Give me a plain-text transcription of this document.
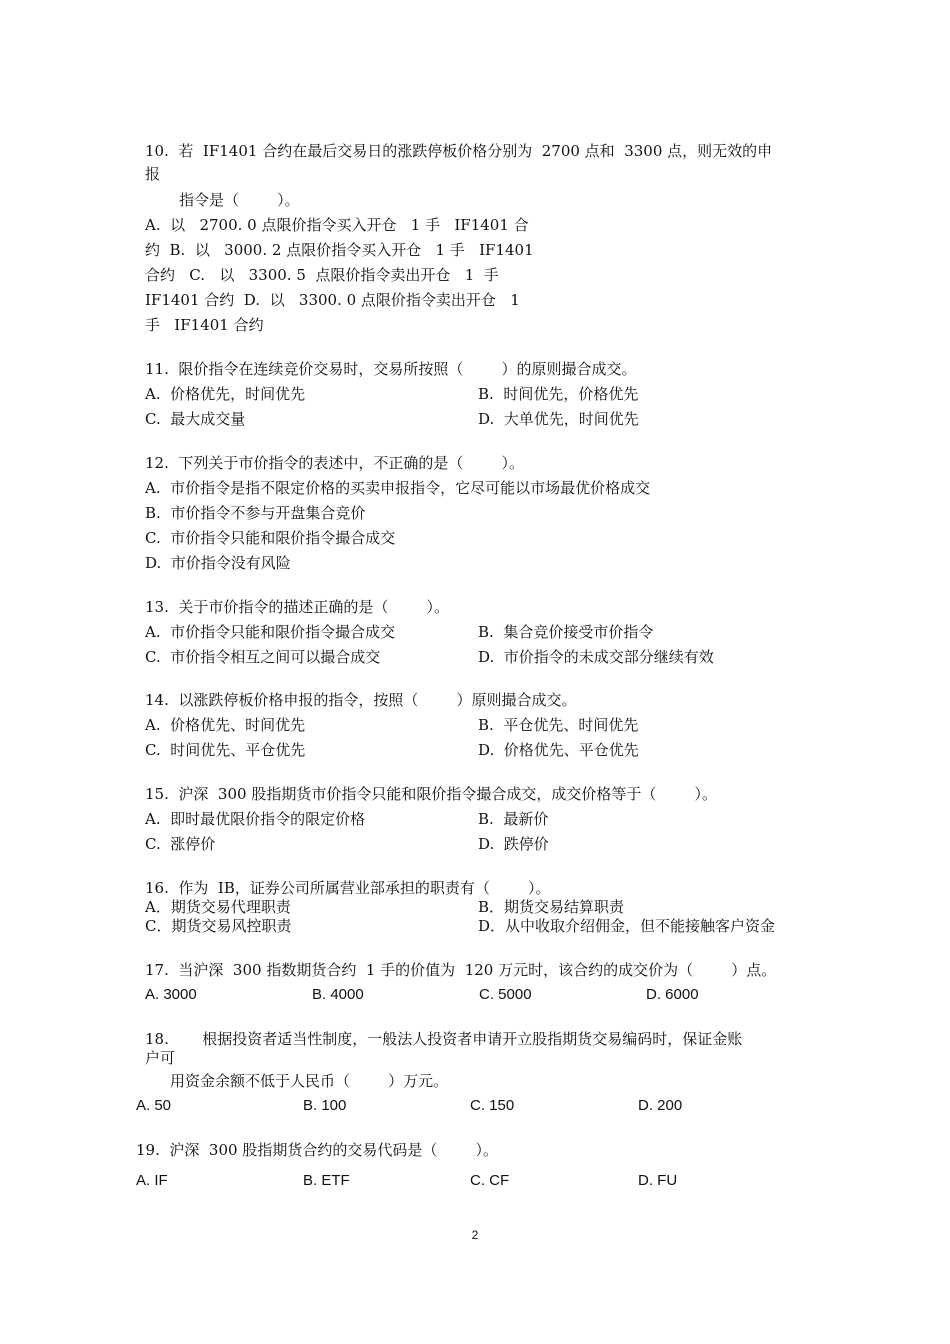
10.  若  IF1401 合约在最后交易日的涨跌停板价格分别为  2700 点和  3300 点，则无效的申
报
指令是（        ）。
A.  以   2700. 0 点限价指令买入开仓   1 手   IF1401 合
约  B.  以   3000. 2 点限价指令买入开仓   1 手   IF1401
合约   C.   以   3300. 5  点限价指令卖出开仓   1  手
IF1401 合约  D.  以   3300. 0 点限价指令卖出开仓   1
手   IF1401 合约
11.  限价指令在连续竞价交易时，交易所按照（        ）的原则撮合成交。
A.  价格优先，时间优先	B.  时间优先，价格优先
C.  最大成交量	D.  大单优先，时间优先
12.  下列关于市价指令的表述中，不正确的是（        ）。
A.  市价指令是指不限定价格的买卖申报指令，它尽可能以市场最优价格成交
B.  市价指令不参与开盘集合竞价
C.  市价指令只能和限价指令撮合成交
D.  市价指令没有风险
13.  关于市价指令的描述正确的是（        ）。
A.  市价指令只能和限价指令撮合成交	B.  集合竞价接受市价指令
C.  市价指令相互之间可以撮合成交	D.  市价指令的未成交部分继续有效
14.  以涨跌停板价格申报的指令，按照（        ）原则撮合成交。
A.  价格优先、时间优先	B.  平仓优先、时间优先
C.  时间优先、平仓优先	D.  价格优先、平仓优先
15.  沪深  300 股指期货市价指令只能和限价指令撮合成交，成交价格等于（        ）。
A.  即时最优限价指令的限定价格	B.  最新价
C.  涨停价	D.  跌停价
16.  作为  IB，证券公司所属营业部承担的职责有（        ）。
A．期货交易代理职责	B．期货交易结算职责
C．期货交易风控职责	D．从中收取介绍佣金，但不能接触客户资金
17.  当沪深  300 指数期货合约  1 手的价值为  120 万元时，该合约的成交价为（        ）点。
A. 3000	B. 4000	C. 5000	D. 6000
18.       根据投资者适当性制度，一般法人投资者申请开立股指期货交易编码时，保证金账
户可
用资金余额不低于人民币（        ）万元。
A. 50	B. 100	C. 150	D. 200
19.  沪深  300 股指期货合约的交易代码是（        ）。
A. IF	B. ETF	C. CF	D. FU
2
